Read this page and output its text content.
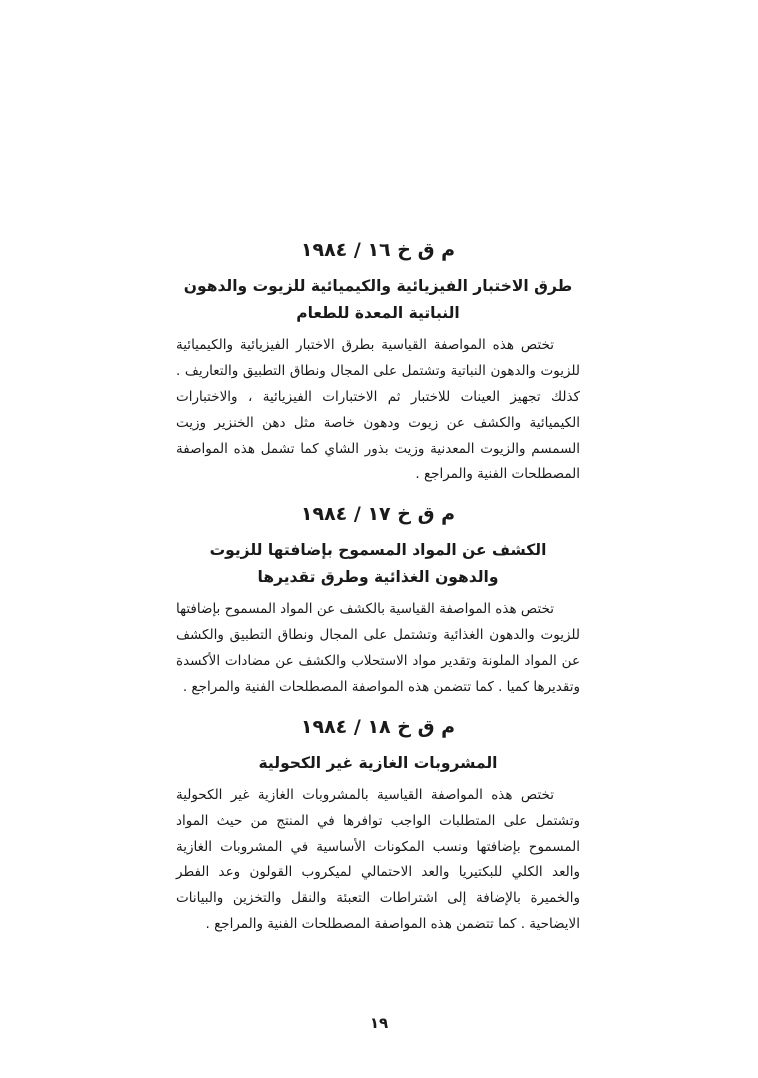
م ق خ ١٦ / ١٩٨٤
طرق الاختبار الفيزيائية والكيميائية للزيوت والدهون النباتية المعدة للطعام

تختص هذه المواصفة القياسية بطرق الاختبار الفيزيائية والكيميائية للزيوت والدهون النباتية وتشتمل على المجال ونطاق التطبيق والتعاريف . كذلك تجهيز العينات للاختبار ثم الاختبارات الفيزيائية ، والاختبارات الكيميائية والكشف عن زيوت ودهون خاصة مثل دهن الخنزير وزيت السمسم والزيوت المعدنية وزيت بذور الشاي كما تشمل هذه المواصفة المصطلحات الفنية والمراجع .

م ق خ ١٧ / ١٩٨٤
الكشف عن المواد المسموح بإضافتها للزيوت والدهون الغذائية وطرق تقديرها

تختص هذه المواصفة القياسية بالكشف عن المواد المسموح بإضافتها للزيوت والدهون الغذائية وتشتمل على المجال ونطاق التطبيق والكشف عن المواد الملونة وتقدير مواد الاستحلاب والكشف عن مضادات الأكسدة وتقديرها كميا . كما تتضمن هذه المواصفة المصطلحات الفنية والمراجع .

م ق خ ١٨ / ١٩٨٤
المشروبات الغازية غير الكحولية

تختص هذه المواصفة القياسية بالمشروبات الغازية غير الكحولية وتشتمل على المتطلبات الواجب توافرها في المنتج من حيث المواد المسموح بإضافتها ونسب المكونات الأساسية في المشروبات الغازية والعد الكلي للبكتيريا والعد الاحتمالي لميكروب القولون وعد الفطر والخميرة بالإضافة إلى اشتراطات التعبئة والنقل والتخزين والبيانات الايضاحية . كما تتضمن هذه المواصفة المصطلحات الفنية والمراجع .

١٩
